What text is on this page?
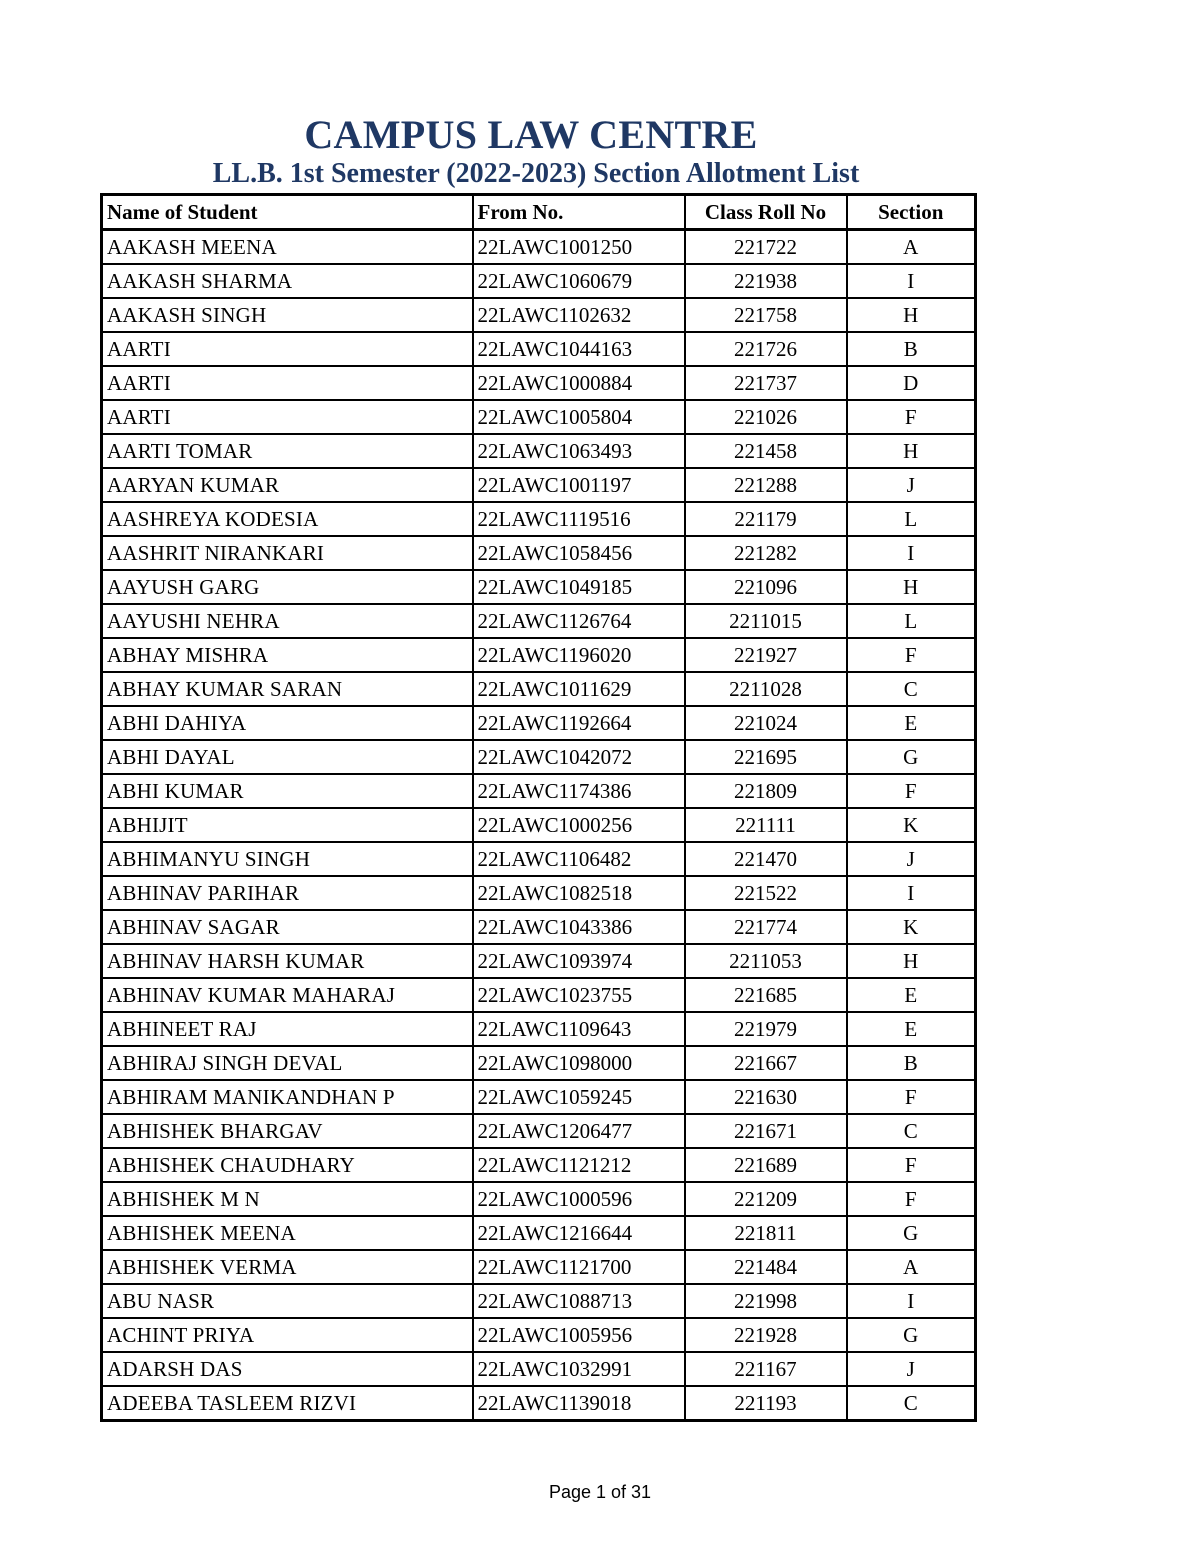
CAMPUS LAW CENTRE
LL.B. 1st Semester (2022-2023) Section Allotment List
Name of Student	From No.	Class Roll No	Section
AAKASH MEENA	22LAWC1001250	221722	A
AAKASH SHARMA	22LAWC1060679	221938	I
AAKASH SINGH	22LAWC1102632	221758	H
AARTI	22LAWC1044163	221726	B
AARTI	22LAWC1000884	221737	D
AARTI	22LAWC1005804	221026	F
AARTI TOMAR	22LAWC1063493	221458	H
AARYAN KUMAR	22LAWC1001197	221288	J
AASHREYA KODESIA	22LAWC1119516	221179	L
AASHRIT NIRANKARI	22LAWC1058456	221282	I
AAYUSH GARG	22LAWC1049185	221096	H
AAYUSHI NEHRA	22LAWC1126764	2211015	L
ABHAY MISHRA	22LAWC1196020	221927	F
ABHAY KUMAR SARAN	22LAWC1011629	2211028	C
ABHI DAHIYA	22LAWC1192664	221024	E
ABHI DAYAL	22LAWC1042072	221695	G
ABHI KUMAR	22LAWC1174386	221809	F
ABHIJIT	22LAWC1000256	221111	K
ABHIMANYU SINGH	22LAWC1106482	221470	J
ABHINAV PARIHAR	22LAWC1082518	221522	I
ABHINAV SAGAR	22LAWC1043386	221774	K
ABHINAV HARSH KUMAR	22LAWC1093974	2211053	H
ABHINAV KUMAR MAHARAJ	22LAWC1023755	221685	E
ABHINEET RAJ	22LAWC1109643	221979	E
ABHIRAJ SINGH DEVAL	22LAWC1098000	221667	B
ABHIRAM MANIKANDHAN P	22LAWC1059245	221630	F
ABHISHEK BHARGAV	22LAWC1206477	221671	C
ABHISHEK CHAUDHARY	22LAWC1121212	221689	F
ABHISHEK M N	22LAWC1000596	221209	F
ABHISHEK MEENA	22LAWC1216644	221811	G
ABHISHEK VERMA	22LAWC1121700	221484	A
ABU NASR	22LAWC1088713	221998	I
ACHINT PRIYA	22LAWC1005956	221928	G
ADARSH DAS	22LAWC1032991	221167	J
ADEEBA TASLEEM RIZVI	22LAWC1139018	221193	C
Page 1 of 31
